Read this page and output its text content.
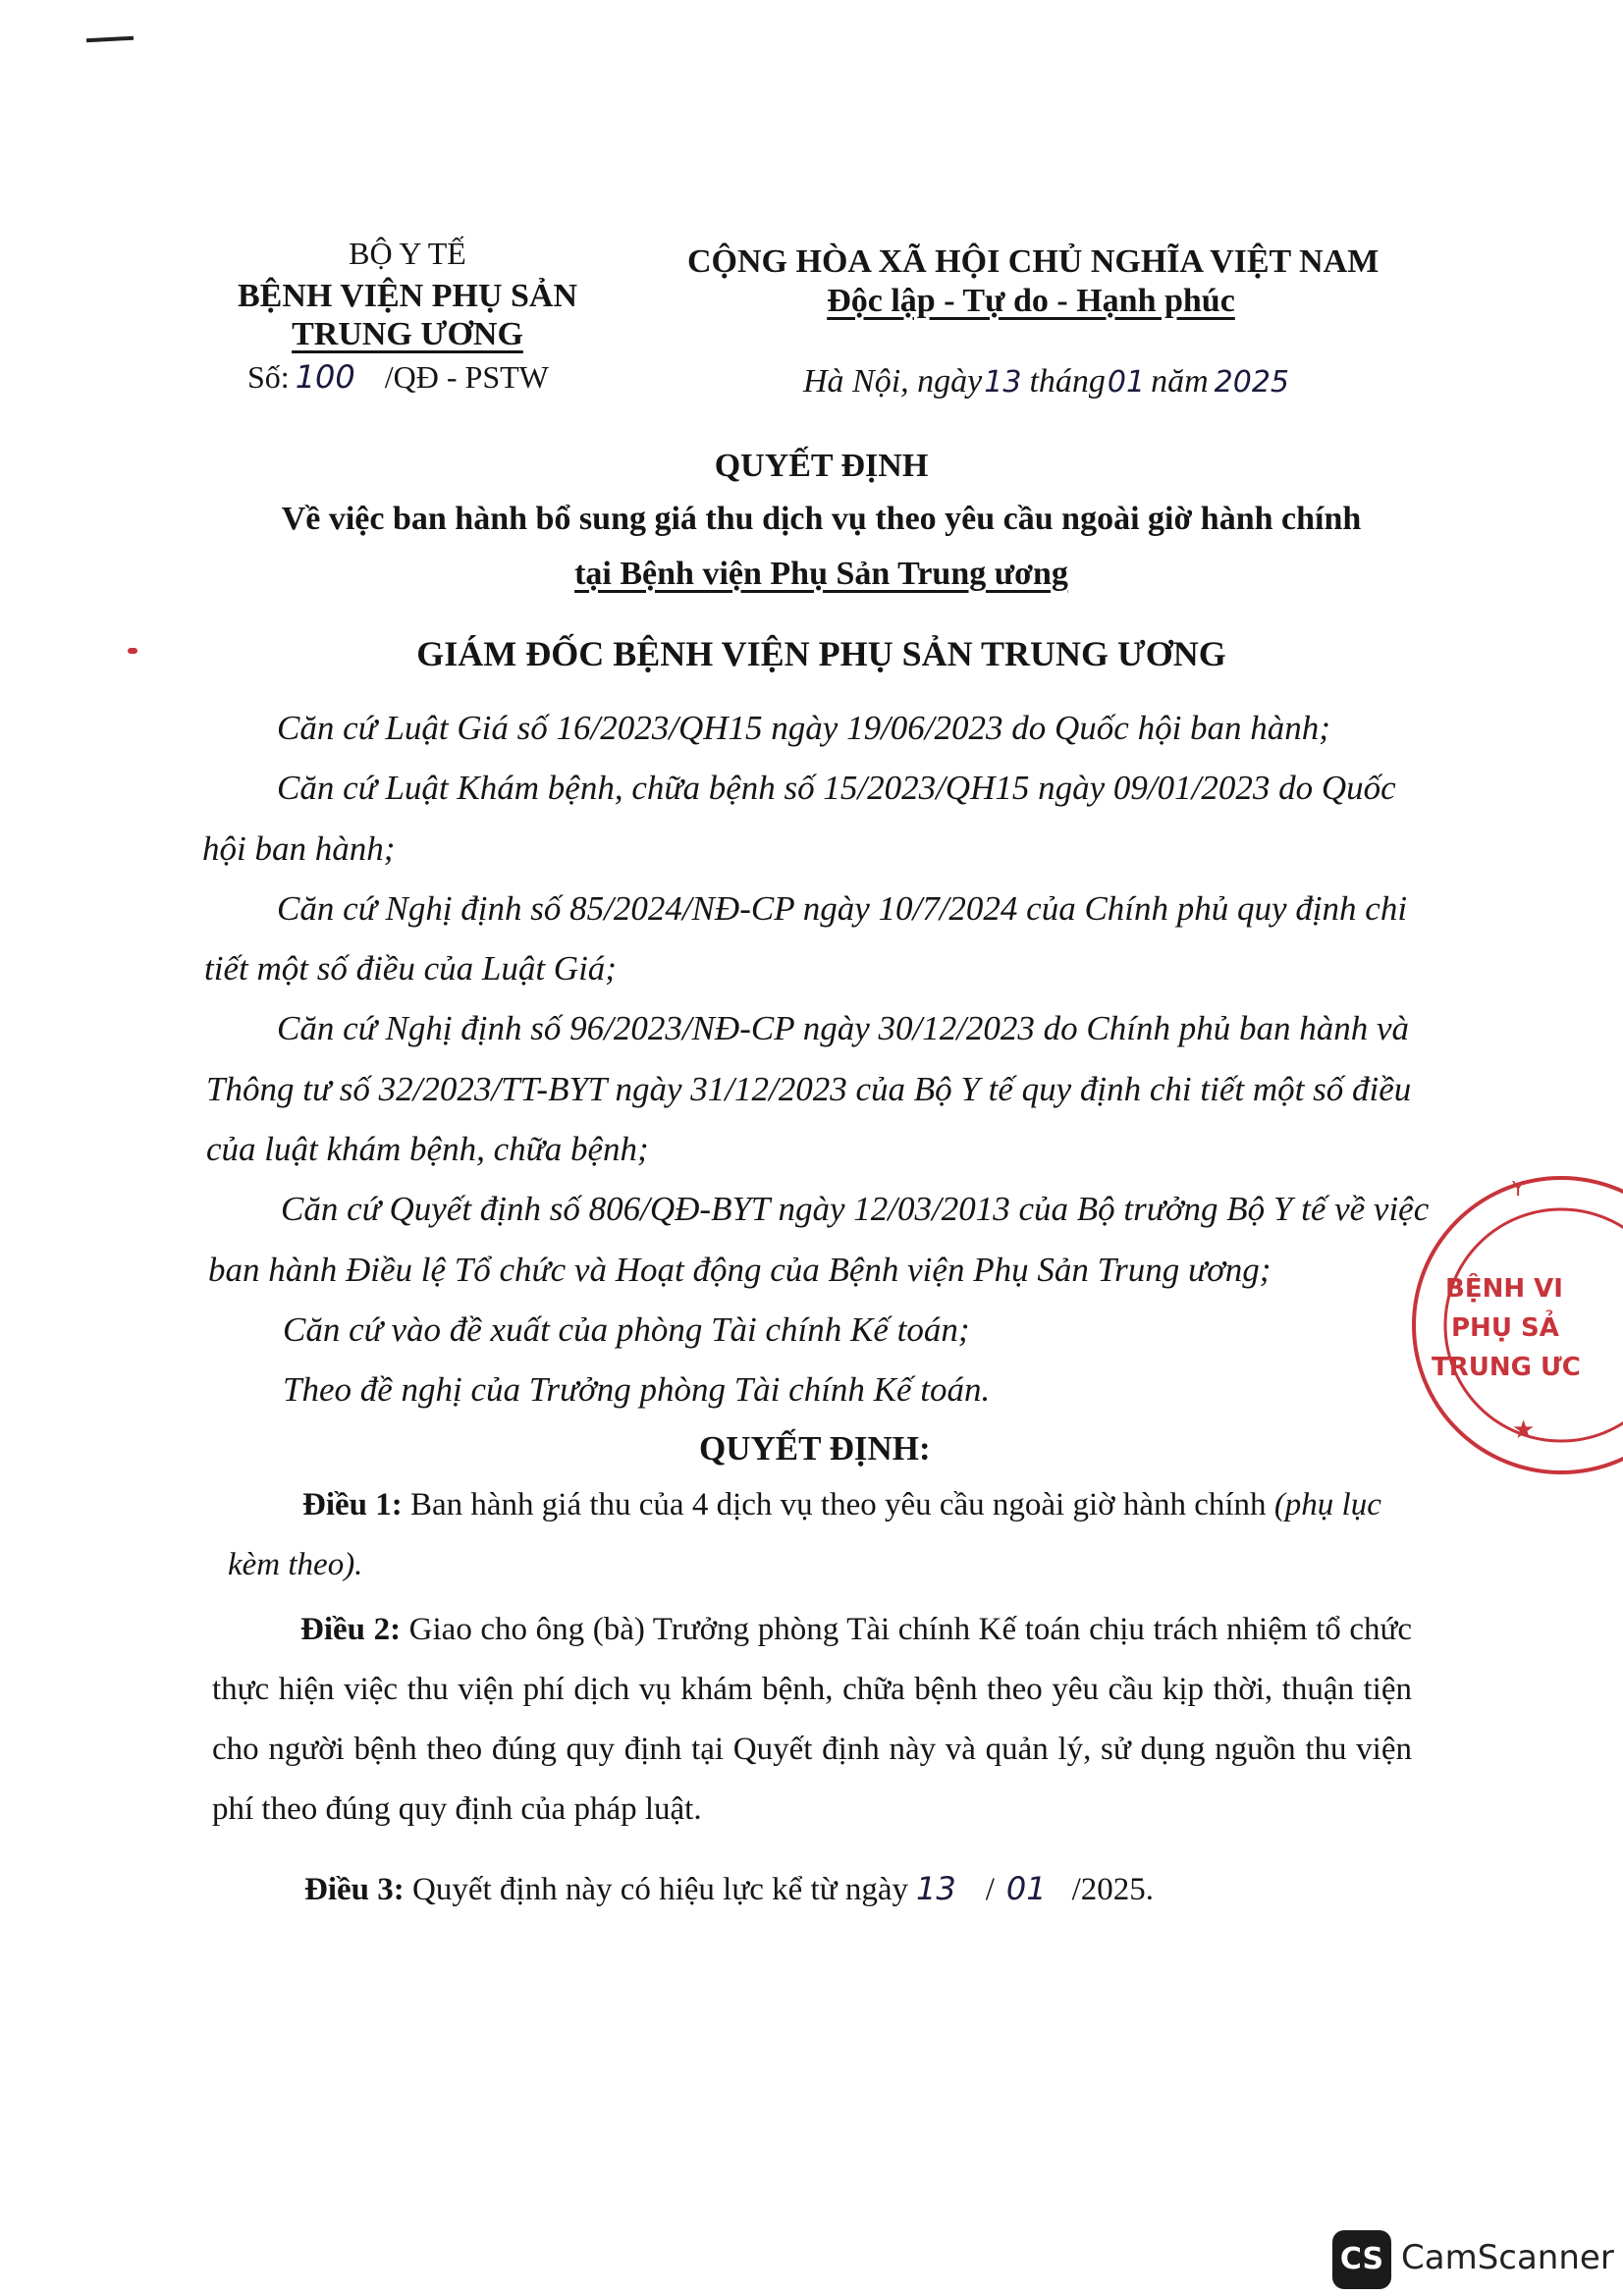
BỘ Y TẾ
BỆNH VIỆN PHỤ SẢN
TRUNG ƯƠNG
Số: 100 /QĐ - PSTW
CỘNG HÒA XÃ HỘI CHỦ NGHĨA VIỆT NAM
Độc lập - Tự do - Hạnh phúc
Hà Nội, ngày13 tháng01 năm 2025
QUYẾT ĐỊNH
Về việc ban hành bổ sung giá thu dịch vụ theo yêu cầu ngoài giờ hành chính
tại Bệnh viện Phụ Sản Trung ương
GIÁM ĐỐC BỆNH VIỆN PHỤ SẢN TRUNG ƯƠNG
Căn cứ Luật Giá số 16/2023/QH15 ngày 19/06/2023 do Quốc hội ban hành;
Căn cứ Luật Khám bệnh, chữa bệnh số 15/2023/QH15 ngày 09/01/2023 do Quốc
hội ban hành;
Căn cứ Nghị định số 85/2024/NĐ-CP ngày 10/7/2024 của Chính phủ quy định chi
tiết một số điều của Luật Giá;
Căn cứ Nghị định số 96/2023/NĐ-CP ngày 30/12/2023 do Chính phủ ban hành và
Thông tư số 32/2023/TT-BYT ngày 31/12/2023 của Bộ Y tế quy định chi tiết một số điều
của luật khám bệnh, chữa bệnh;
Căn cứ Quyết định số 806/QĐ-BYT ngày 12/03/2013 của Bộ trưởng Bộ Y tế về việc
ban hành Điều lệ Tổ chức và Hoạt động của Bệnh viện Phụ Sản Trung ương;
Căn cứ vào đề xuất của phòng Tài chính Kế toán;
Theo đề nghị của Trưởng phòng Tài chính Kế toán.
QUYẾT ĐỊNH:
Điều 1: Ban hành giá thu của 4 dịch vụ theo yêu cầu ngoài giờ hành chính (phụ lục
kèm theo).
Điều 2: Giao cho ông (bà) Trưởng phòng Tài chính Kế toán chịu trách nhiệm tổ chức thực hiện việc thu viện phí dịch vụ khám bệnh, chữa bệnh theo yêu cầu kịp thời, thuận tiện cho người bệnh theo đúng quy định tại Quyết định này và quản lý, sử dụng nguồn thu viện phí theo đúng quy định của pháp luật.
Điều 3: Quyết định này có hiệu lực kể từ ngày 13 / 01 /2025.
★
Y
BỆNH VI
PHỤ SẢ
TRUNG ƯC
CS CamScanner
